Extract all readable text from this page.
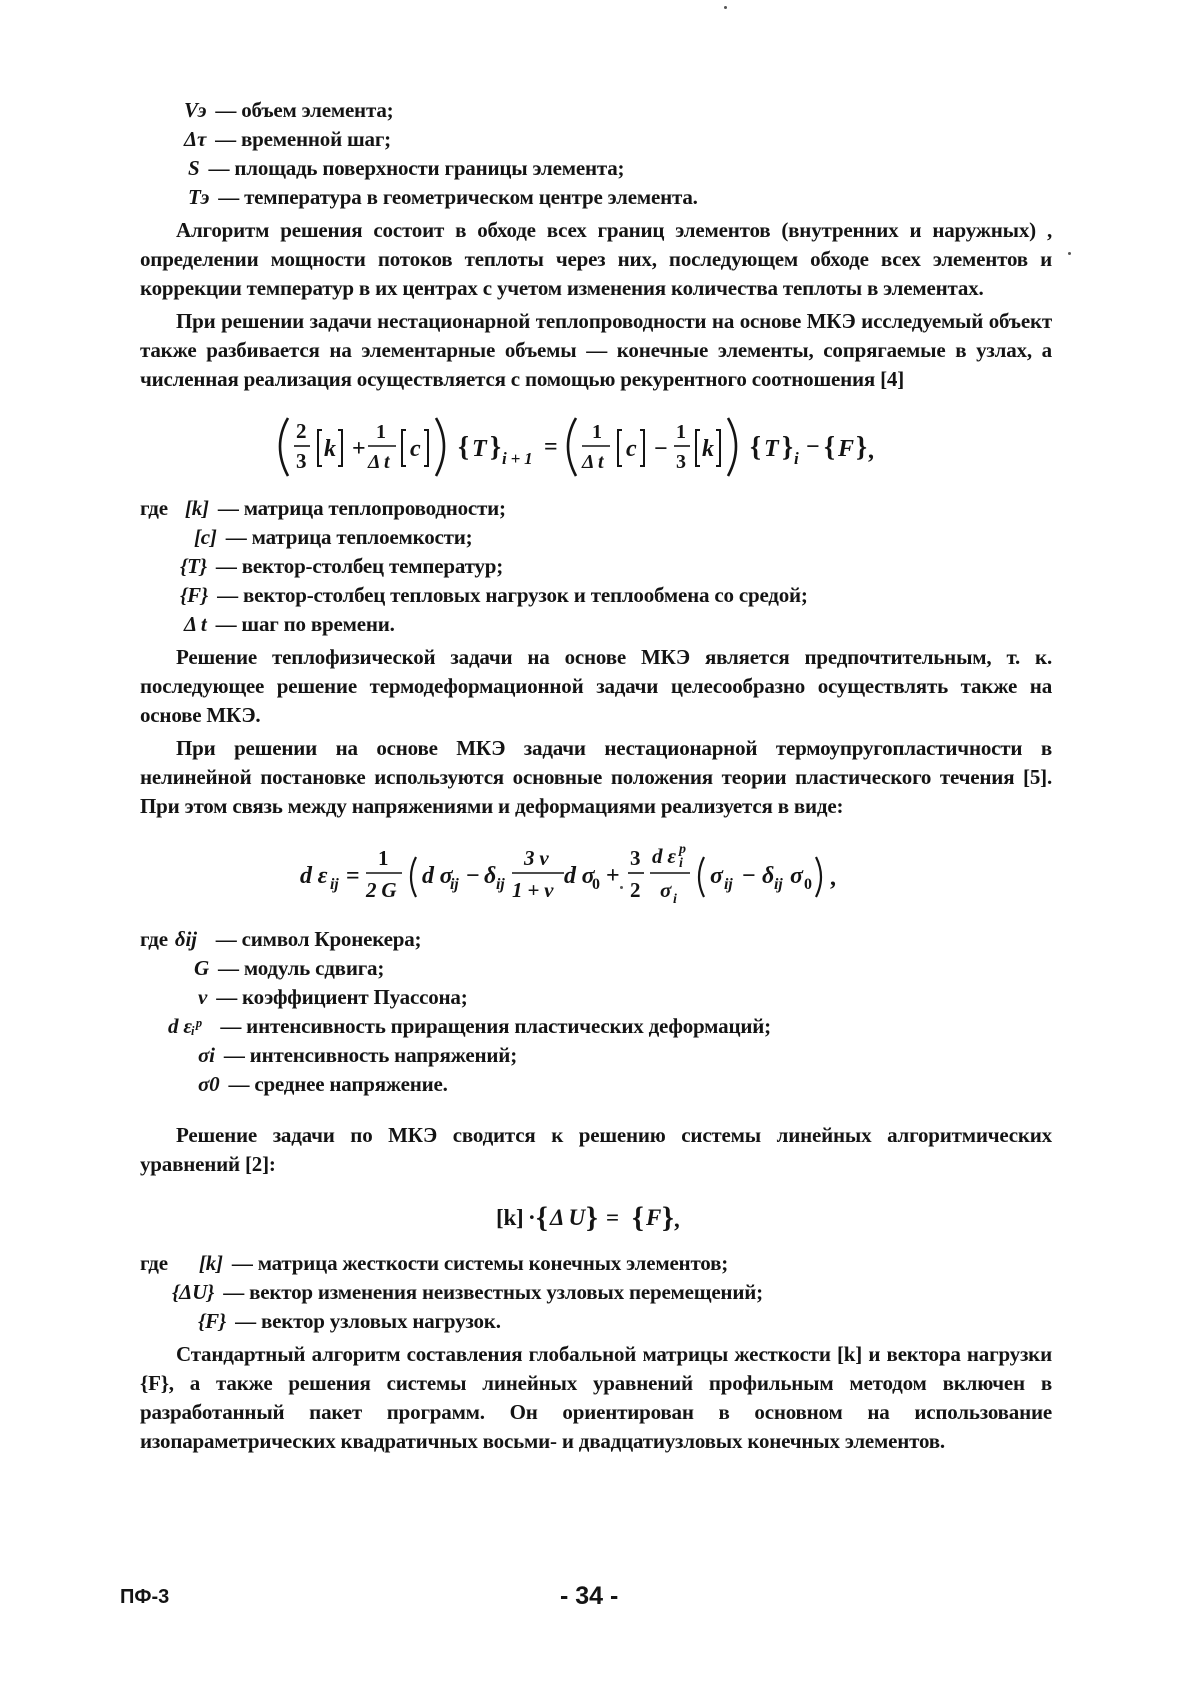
Vэ — объем элемента;
Δτ — временной шаг;
S — площадь поверхности границы элемента;
Tэ — температура в геометрическом центре элемента.

Алгоритм решения состоит в обходе всех границ элементов (внутренних и наружных) , определении мощности потоков теплоты через них, последующем обходе всех элементов и коррекции температур в их центрах с учетом изменения количества теплоты в элементах.

При решении задачи нестационарной теплопроводности на основе МКЭ исследуемый объект также разбивается на элементарные объемы — конечные элементы, сопрягаемые в узлах, а численная реализация осуществляется с помощью рекурентного соотношения [4]

2
3 k +
1
Δ t c { T } i + 1 =
1
Δ t c −
1
3 k { T } i − { F } ,
где [k] — матрица теплопроводности;
[c] — матрица теплоемкости;
{T} — вектор-столбец температур;
{F} — вектор-столбец тепловых нагрузок и теплообмена со средой;
Δ t — шаг по времени.

Решение теплофизической задачи на основе МКЭ является предпочтительным, т. к. последующее решение термодеформационной задачи целесообразно осуществлять также на основе МКЭ.

При решении на основе МКЭ задачи нестационарной термоупругопластичности в нелинейной постановке используются основные положения теории пластического течения [5]. При этом связь между напряжениями и деформациями реализуется в виде:

d ε ij =
1
2 G
d σ
ij − δ ij
3 ν
1 + ν
d σ
0 +
3
2
d ε p
i
σ i
σ ij − δ ij σ 0 ,
где δij — символ Кронекера;
G — модуль сдвига;
ν — коэффициент Пуассона;
d εᵢᵖ — интенсивность приращения пластических деформаций;
σi — интенсивность напряжений;
σ0 — среднее напряжение.

Решение задачи по МКЭ сводится к решению системы линейных алгоритмических уравнений [2]:

[k] · { Δ U } = { F } ,
где [k] — матрица жесткости системы конечных элементов;
{ΔU} — вектор изменения неизвестных узловых перемещений;
{F} — вектор узловых нагрузок.

Стандартный алгоритм составления глобальной матрицы жесткости [k] и вектора нагрузки {F}, а также решения системы линейных уравнений профильным методом включен в разработанный пакет программ. Он ориентирован в основном на использование изопараметрических квадратичных восьми- и двадцатиузловых конечных элементов.

ПФ-3	- 34 -
